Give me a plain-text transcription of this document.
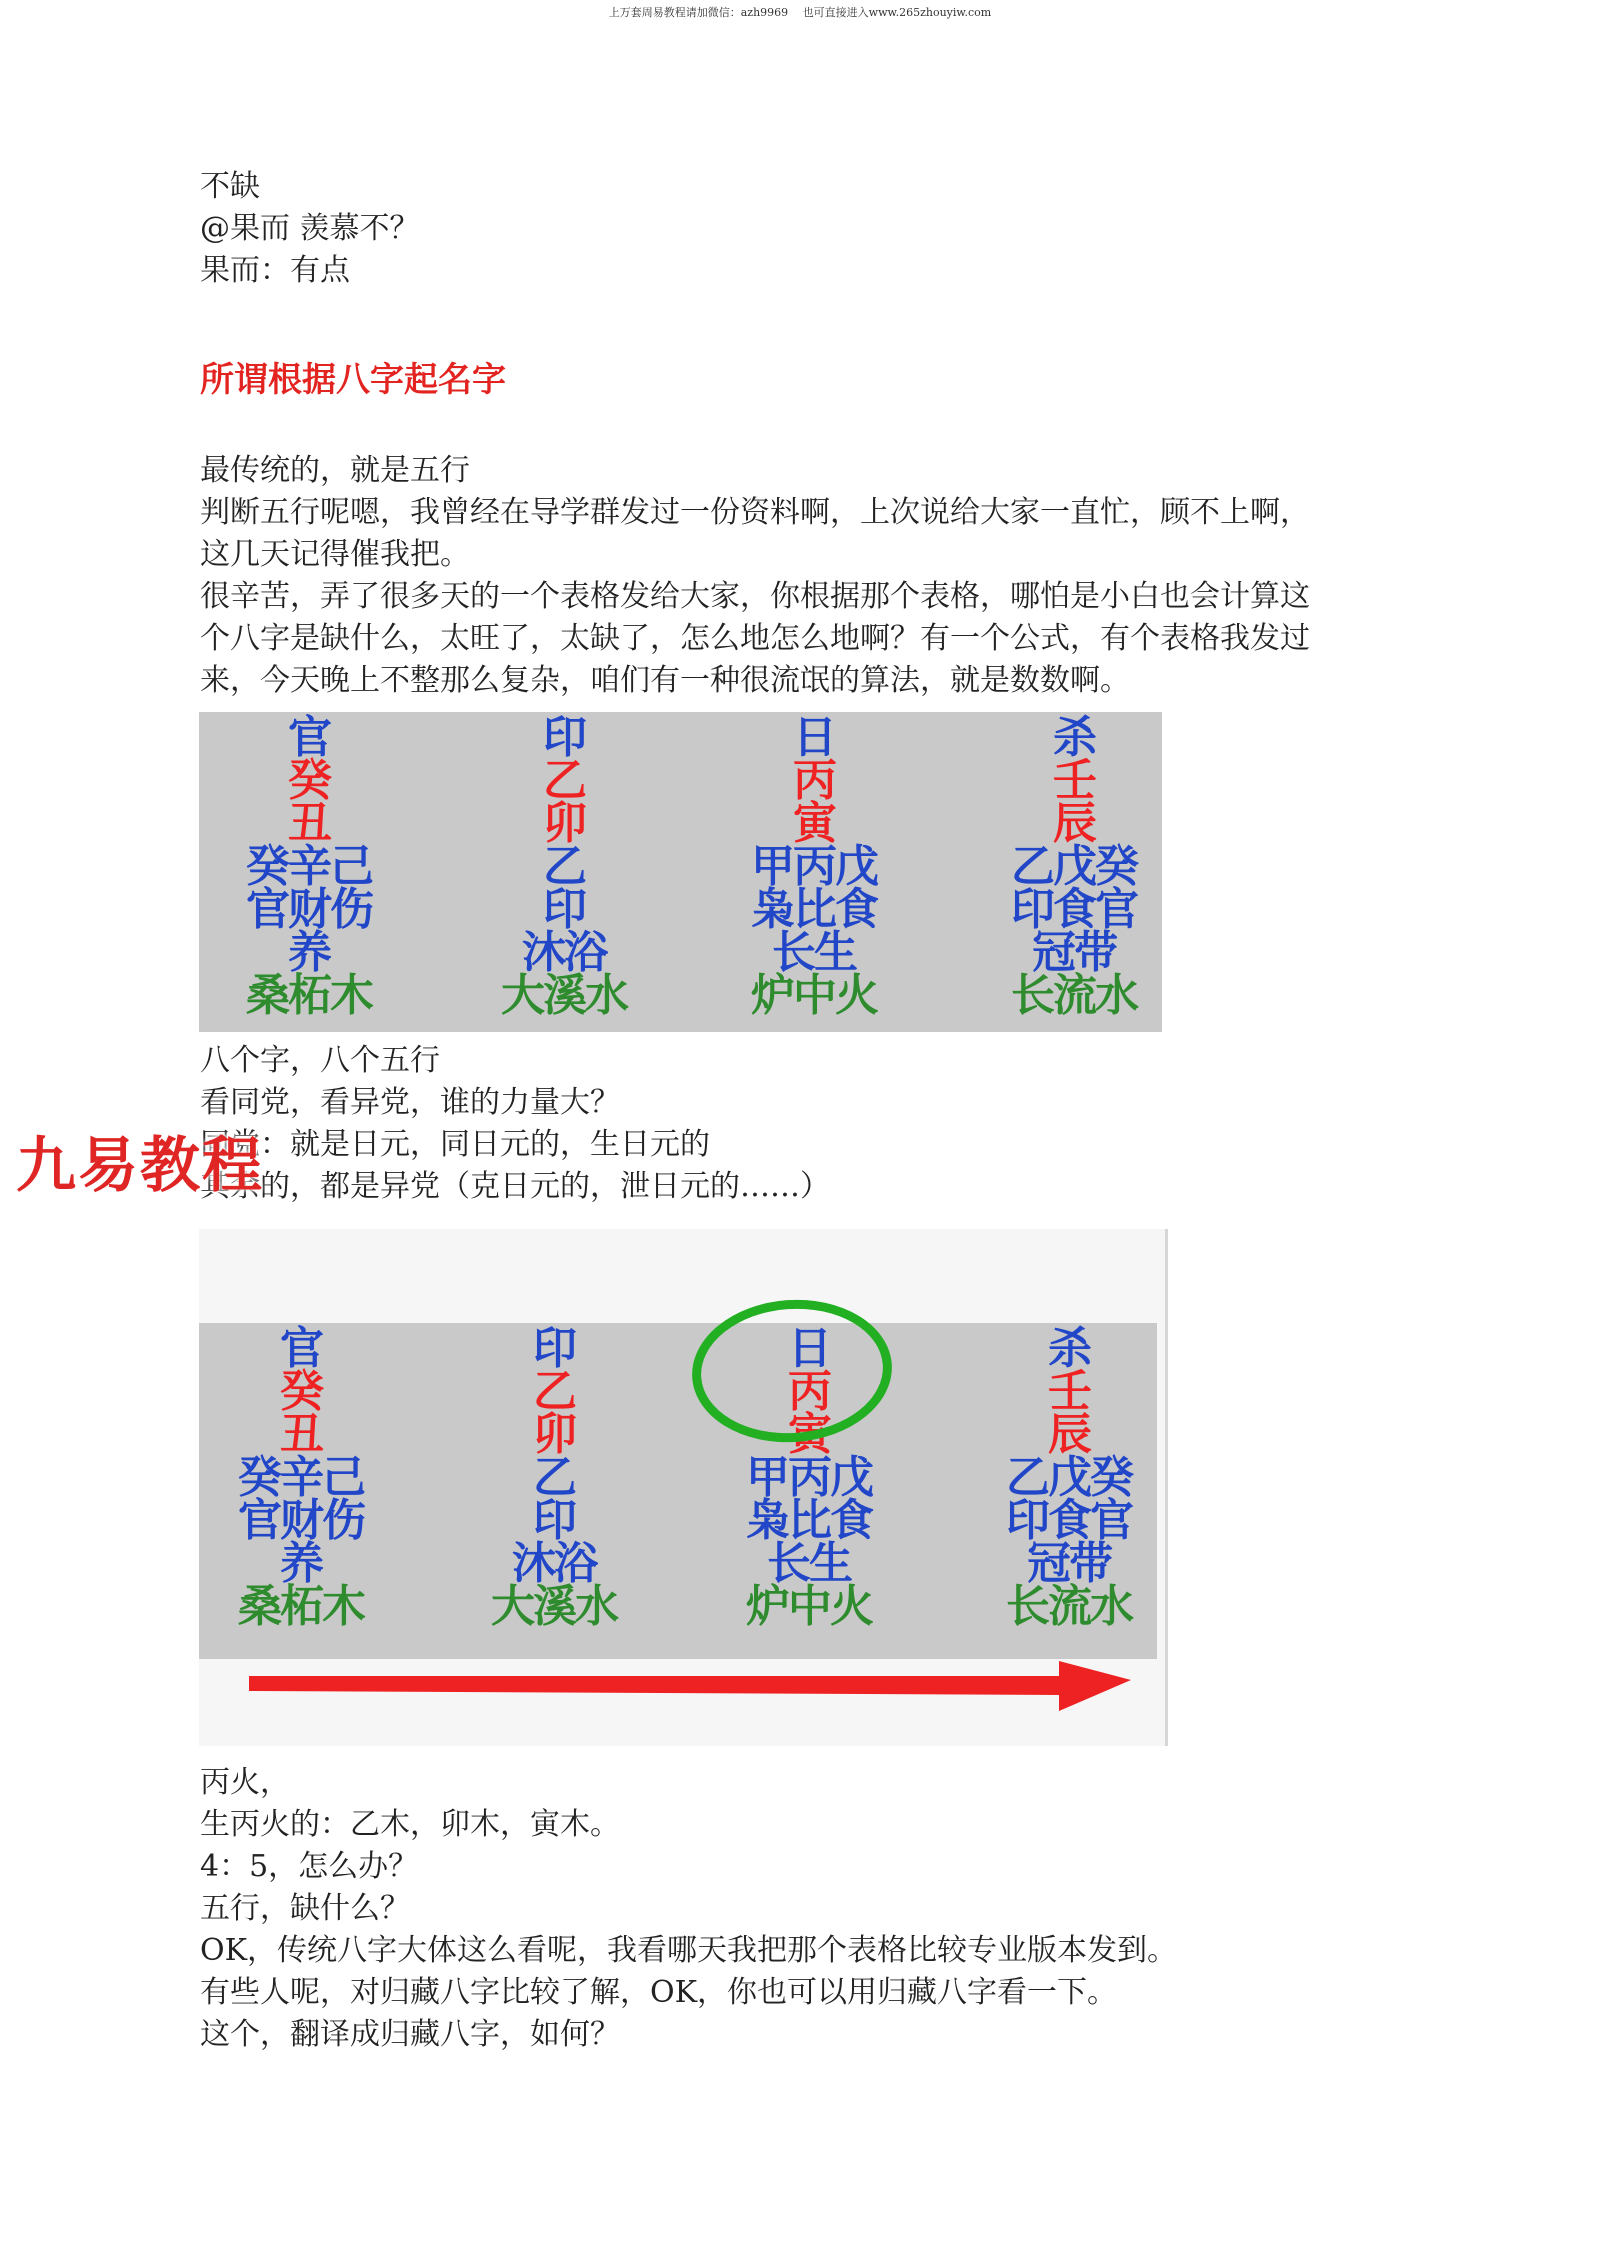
上万套周易教程请加微信：azh9969 　也可直接进入www.265zhouyiw.com
不缺
@果而 羡慕不？
果而：有点
所谓根据八字起名字
最传统的，就是五行
判断五行呢嗯，我曾经在导学群发过一份资料啊，上次说给大家一直忙，顾不上啊，
这几天记得催我把。
很辛苦，弄了很多天的一个表格发给大家，你根据那个表格，哪怕是小白也会计算这
个八字是缺什么，太旺了，太缺了，怎么地怎么地啊？有一个公式，有个表格我发过
来，今天晚上不整那么复杂，咱们有一种很流氓的算法，就是数数啊。
官
癸
丑
癸辛己
官财伤
养
桑柘木
印
乙
卯
乙
印
沐浴
大溪水
日
丙
寅
甲丙戊
枭比食
长生
炉中火
杀
壬
辰
乙戊癸
印食官
冠带
长流水
八个字，八个五行
看同党，看异党，谁的力量大？
同党：就是日元，同日元的，生日元的
其余的，都是异党（克日元的，泄日元的……）
官
癸
丑
癸辛己
官财伤
养
桑柘木
印
乙
卯
乙
印
沐浴
大溪水
日
丙
寅
甲丙戊
枭比食
长生
炉中火
杀
壬
辰
乙戊癸
印食官
冠带
长流水
丙火，
生丙火的：乙木，卯木，寅木。
4：5，怎么办？
五行，缺什么？
OK，传统八字大体这么看呢，我看哪天我把那个表格比较专业版本发到。
有些人呢，对归藏八字比较了解，OK，你也可以用归藏八字看一下。
这个，翻译成归藏八字，如何？
九易教程
